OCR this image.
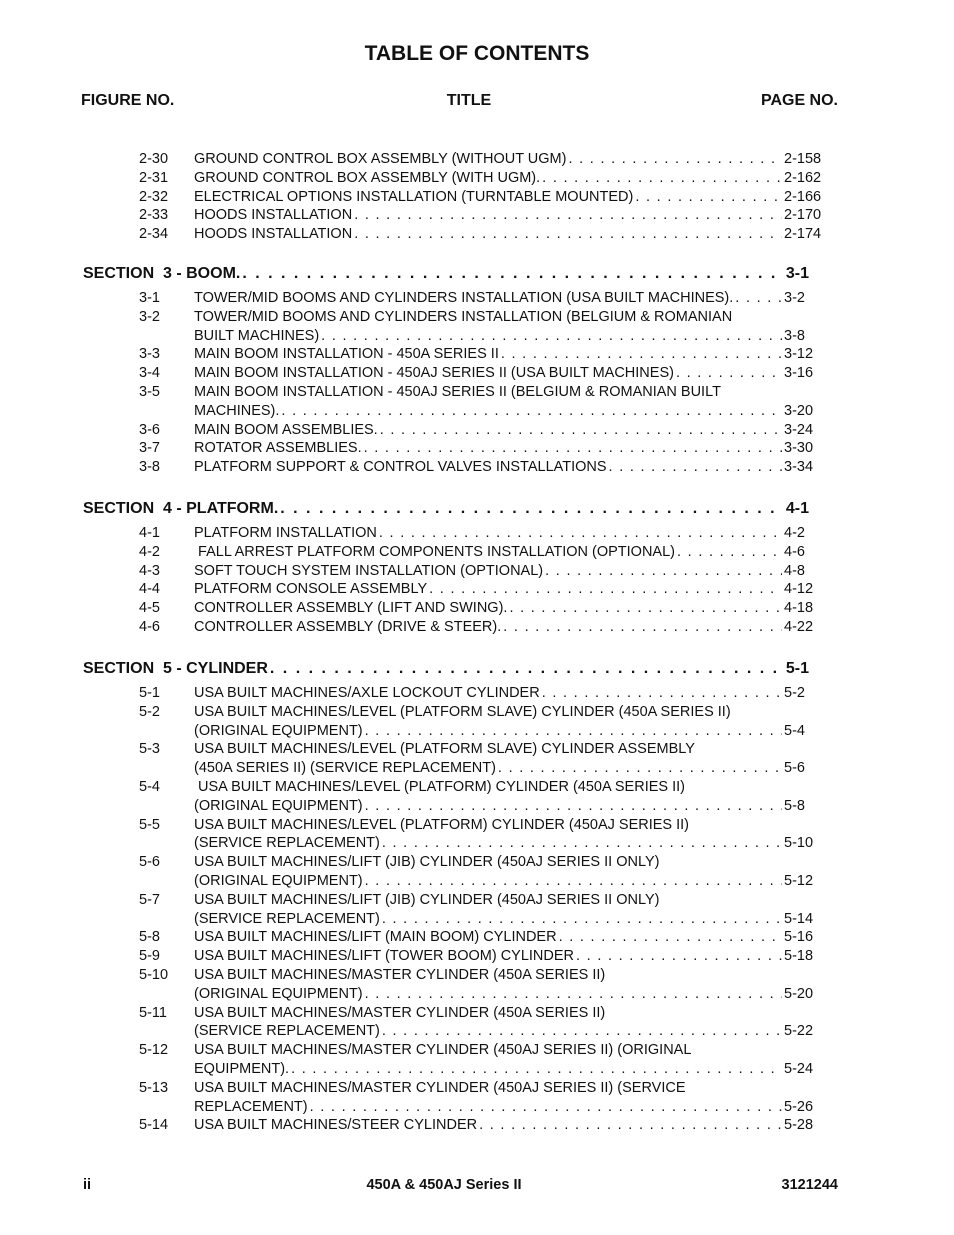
TABLE OF CONTENTS
FIGURE NO.	TITLE	PAGE NO.
2-30	GROUND CONTROL BOX ASSEMBLY (WITHOUT UGM) . . .	2-158
2-31	GROUND CONTROL BOX ASSEMBLY (WITH UGM). . . .	2-162
2-32	ELECTRICAL OPTIONS INSTALLATION (TURNTABLE MOUNTED) . . .	2-166
2-33	HOODS INSTALLATION . . .	2-170
2-34	HOODS INSTALLATION . . .	2-174
SECTION  3 - BOOM. . . .	3-1
3-1	TOWER/MID BOOMS AND CYLINDERS INSTALLATION (USA BUILT MACHINES). . . .	3-2
3-2	TOWER/MID BOOMS AND CYLINDERS INSTALLATION (BELGIUM & ROMANIAN
BUILT MACHINES) . . .	3-8
3-3	MAIN BOOM INSTALLATION - 450A SERIES II . . .	3-12
3-4	MAIN BOOM INSTALLATION - 450AJ SERIES II (USA BUILT MACHINES) . . .	3-16
3-5	MAIN BOOM INSTALLATION - 450AJ SERIES II (BELGIUM & ROMANIAN BUILT
MACHINES). . . .	3-20
3-6	MAIN BOOM ASSEMBLIES. . . .	3-24
3-7	ROTATOR ASSEMBLIES. . . .	3-30
3-8	PLATFORM SUPPORT & CONTROL VALVES INSTALLATIONS . . .	3-34
SECTION  4 - PLATFORM. . . .	4-1
4-1	PLATFORM INSTALLATION . . .	4-2
4-2	FALL ARREST PLATFORM COMPONENTS INSTALLATION (OPTIONAL) . . .	4-6
4-3	SOFT TOUCH SYSTEM INSTALLATION (OPTIONAL) . . .	4-8
4-4	PLATFORM CONSOLE ASSEMBLY . . .	4-12
4-5	CONTROLLER ASSEMBLY (LIFT AND SWING). . . .	4-18
4-6	CONTROLLER ASSEMBLY (DRIVE & STEER). . . .	4-22
SECTION  5 - CYLINDER . . .	5-1
5-1	USA BUILT MACHINES/AXLE LOCKOUT CYLINDER . . .	5-2
5-2	USA BUILT MACHINES/LEVEL (PLATFORM SLAVE) CYLINDER (450A SERIES II)
(ORIGINAL EQUIPMENT) . . .	5-4
5-3	USA BUILT MACHINES/LEVEL (PLATFORM SLAVE) CYLINDER ASSEMBLY
(450A SERIES II) (SERVICE REPLACEMENT) . . .	5-6
5-4	USA BUILT MACHINES/LEVEL (PLATFORM) CYLINDER (450A SERIES II)
(ORIGINAL EQUIPMENT) . . .	5-8
5-5	USA BUILT MACHINES/LEVEL (PLATFORM) CYLINDER (450AJ SERIES II)
(SERVICE REPLACEMENT) . . .	5-10
5-6	USA BUILT MACHINES/LIFT (JIB) CYLINDER (450AJ SERIES II ONLY)
(ORIGINAL EQUIPMENT) . . .	5-12
5-7	USA BUILT MACHINES/LIFT (JIB) CYLINDER (450AJ SERIES II ONLY)
(SERVICE REPLACEMENT) . . .	5-14
5-8	USA BUILT MACHINES/LIFT (MAIN BOOM) CYLINDER . . .	5-16
5-9	USA BUILT MACHINES/LIFT (TOWER BOOM) CYLINDER . . .	5-18
5-10	USA BUILT MACHINES/MASTER CYLINDER (450A SERIES II)
(ORIGINAL EQUIPMENT) . . .	5-20
5-11	USA BUILT MACHINES/MASTER CYLINDER (450A SERIES II)
(SERVICE REPLACEMENT) . . .	5-22
5-12	USA BUILT MACHINES/MASTER CYLINDER (450AJ SERIES II) (ORIGINAL
EQUIPMENT). . . .	5-24
5-13	USA BUILT MACHINES/MASTER CYLINDER (450AJ SERIES II) (SERVICE
REPLACEMENT) . . .	5-26
5-14	USA BUILT MACHINES/STEER CYLINDER . . .	5-28
ii	450A & 450AJ Series II	3121244
